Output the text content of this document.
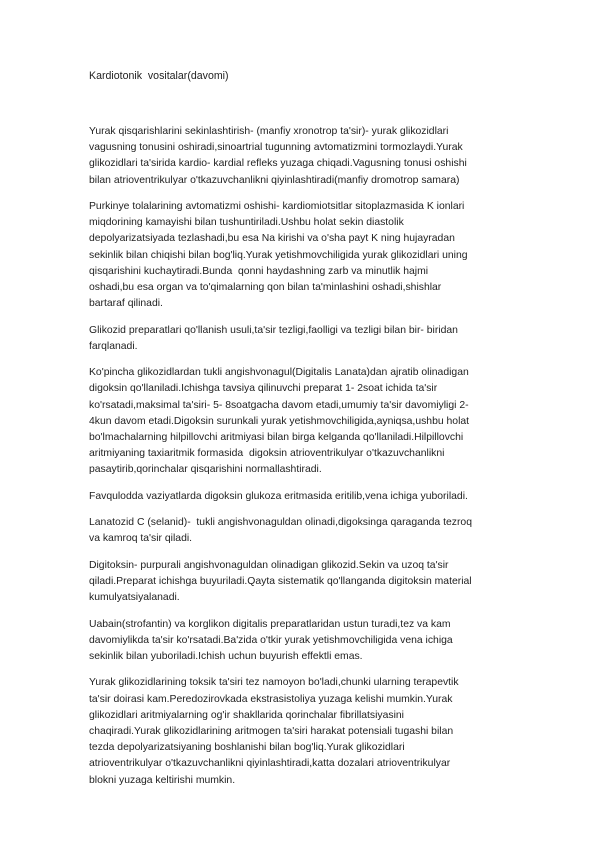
Kardiotonik  vositalar(davomi)

Yurak qisqarishlarini sekinlashtirish- (manfiy xronotrop ta'sir)- yurak glikozidlari
vagusning tonusini oshiradi,sinoartrial tugunning avtomatizmini tormozlaydi.Yurak
glikozidlari ta'sirida kardio- kardial refleks yuzaga chiqadi.Vagusning tonusi oshishi
bilan atrioventrikulyar o'tkazuvchanlikni qiyinlashtiradi(manfiy dromotrop samara)

Purkinye tolalarining avtomatizmi oshishi- kardiomiotsitlar sitoplazmasida K ionlari
miqdorining kamayishi bilan tushuntiriladi.Ushbu holat sekin diastolik
depolyarizatsiyada tezlashadi,bu esa Na kirishi va o'sha payt K ning hujayradan
sekinlik bilan chiqishi bilan bog'liq.Yurak yetishmovchiligida yurak glikozidlari uning
qisqarishini kuchaytiradi.Bunda  qonni haydashning zarb va minutlik hajmi
oshadi,bu esa organ va to'qimalarning qon bilan ta'minlashini oshadi,shishlar
bartaraf qilinadi.

Glikozid preparatlari qo'llanish usuli,ta'sir tezligi,faolligi va tezligi bilan bir- biridan
farqlanadi.

Ko'pincha glikozidlardan tukli angishvonagul(Digitalis Lanata)dan ajratib olinadigan
digoksin qo'llaniladi.Ichishga tavsiya qilinuvchi preparat 1- 2soat ichida ta'sir
ko'rsatadi,maksimal ta'siri- 5- 8soatgacha davom etadi,umumiy ta'sir davomiyligi 2-
4kun davom etadi.Digoksin surunkali yurak yetishmovchiligida,ayniqsa,ushbu holat
bo'lmachalarning hilpillovchi aritmiyasi bilan birga kelganda qo'llaniladi.Hilpillovchi
aritmiyaning taxiaritmik formasida  digoksin atrioventrikulyar o'tkazuvchanlikni
pasaytirib,qorinchalar qisqarishini normallashtiradi.

Favqulodda vaziyatlarda digoksin glukoza eritmasida eritilib,vena ichiga yuboriladi.

Lanatozid C (selanid)-  tukli angishvonaguldan olinadi,digoksinga qaraganda tezroq
va kamroq ta'sir qiladi.

Digitoksin- purpurali angishvonaguldan olinadigan glikozid.Sekin va uzoq ta'sir
qiladi.Preparat ichishga buyuriladi.Qayta sistematik qo'llanganda digitoksin material
kumulyatsiyalanadi.

Uabain(strofantin) va korglikon digitalis preparatlaridan ustun turadi,tez va kam
davomiylikda ta'sir ko'rsatadi.Ba'zida o'tkir yurak yetishmovchiligida vena ichiga
sekinlik bilan yuboriladi.Ichish uchun buyurish effektli emas.

Yurak glikozidlarining toksik ta'siri tez namoyon bo'ladi,chunki ularning terapevtik
ta'sir doirasi kam.Peredozirovkada ekstrasistoliya yuzaga kelishi mumkin.Yurak
glikozidlari aritmiyalarning og'ir shakllarida qorinchalar fibrillatsiyasini
chaqiradi.Yurak glikozidlarining aritmogen ta'siri harakat potensiali tugashi bilan
tezda depolyarizatsiyaning boshlanishi bilan bog'liq.Yurak glikozidlari
atrioventrikulyar o'tkazuvchanlikni qiyinlashtiradi,katta dozalari atrioventrikulyar
blokni yuzaga keltirishi mumkin.
